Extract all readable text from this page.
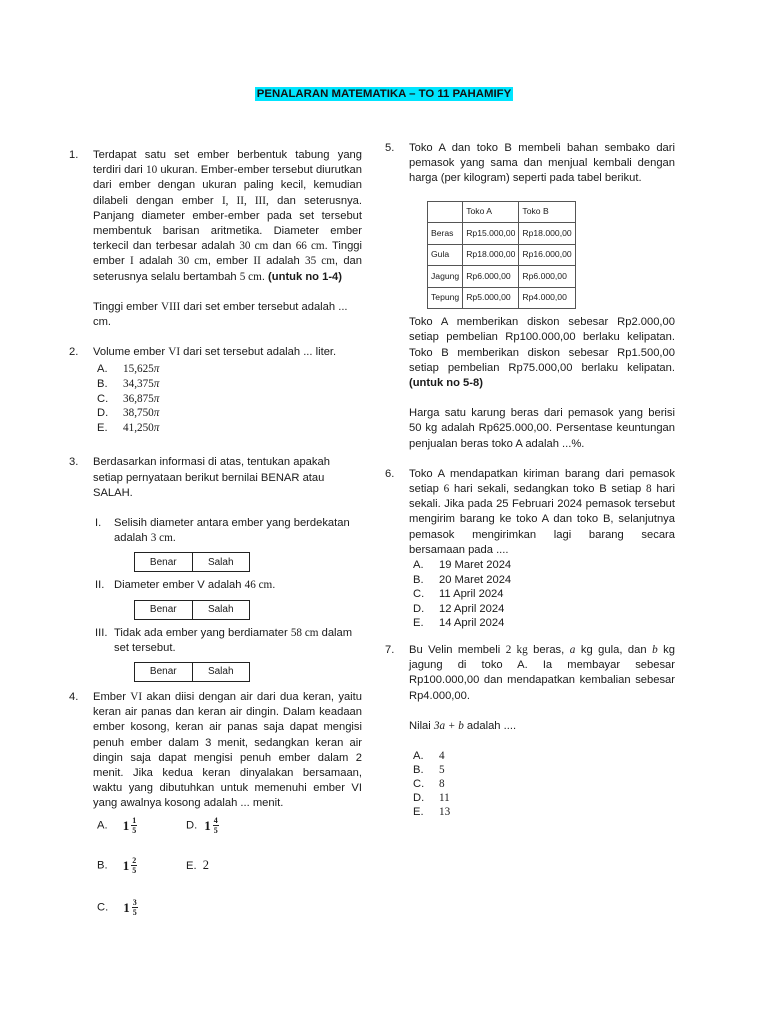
PENALARAN MATEMATIKA – TO 11 PAHAMIFY
1. Terdapat satu set ember berbentuk tabung yang terdiri dari 10 ukuran. Ember-ember tersebut diurutkan dari ember dengan ukuran paling kecil, kemudian dilabeli dengan ember I, II, III, dan seterusnya. Panjang diameter ember-ember pada set tersebut membentuk barisan aritmetika. Diameter ember terkecil dan terbesar adalah 30 cm dan 66 cm. Tinggi ember I adalah 30 cm, ember II adalah 35 cm, dan seterusnya selalu bertambah 5 cm. (untuk no 1-4)
Tinggi ember VIII dari set ember tersebut adalah ... cm.
2. Volume ember VI dari set tersebut adalah ... liter.
A. 15,625π
B. 34,375π
C. 36,875π
D. 38,750π
E. 41,250π
3. Berdasarkan informasi di atas, tentukan apakah setiap pernyataan berikut bernilai BENAR atau SALAH.
I. Selisih diameter antara ember yang berdekatan adalah 3 cm.
Benar	Salah
II. Diameter ember V adalah 46 cm.
Benar	Salah
III. Tidak ada ember yang berdiamater 58 cm dalam set tersebut.
Benar	Salah
4. Ember VI akan diisi dengan air dari dua keran, yaitu keran air panas dan keran air dingin. Dalam keadaan ember kosong, keran air panas saja dapat mengisi penuh ember dalam 3 menit, sedangkan keran air dingin saja dapat mengisi penuh ember dalam 2 menit. Jika kedua keran dinyalakan bersamaan, waktu yang dibutuhkan untuk memenuhi ember VI yang awalnya kosong adalah ... menit.
A. 1 1
5	D. 1 4
5
B. 1 2
5	E. 2
C. 1 3
5
5. Toko A dan toko B membeli bahan sembako dari pemasok yang sama dan menjual kembali dengan harga (per kilogram) seperti pada tabel berikut.
	Toko A	Toko B
Beras	Rp15.000,00	Rp18.000,00
Gula	Rp18.000,00	Rp16.000,00
Jagung	Rp6.000,00	Rp6.000,00
Tepung	Rp5.000,00	Rp4.000,00
Toko A memberikan diskon sebesar Rp2.000,00 setiap pembelian Rp100.000,00 berlaku kelipatan. Toko B memberikan diskon sebesar Rp1.500,00 setiap pembelian Rp75.000,00 berlaku kelipatan. (untuk no 5-8)
Harga satu karung beras dari pemasok yang berisi 50 kg adalah Rp625.000,00. Persentase keuntungan penjualan beras toko A adalah ...%.
6. Toko A mendapatkan kiriman barang dari pemasok setiap 6 hari sekali, sedangkan toko B setiap 8 hari sekali. Jika pada 25 Februari 2024 pemasok tersebut mengirim barang ke toko A dan toko B, selanjutnya pemasok mengirimkan lagi barang secara bersamaan pada ....
A. 19 Maret 2024
B. 20 Maret 2024
C. 11 April 2024
D. 12 April 2024
E. 14 April 2024
7. Bu Velin membeli 2 kg beras, a kg gula, dan b kg jagung di toko A. Ia membayar sebesar Rp100.000,00 dan mendapatkan kembalian sebesar Rp4.000,00.
Nilai 3a + b adalah ....
A. 4
B. 5
C. 8
D. 11
E. 13
